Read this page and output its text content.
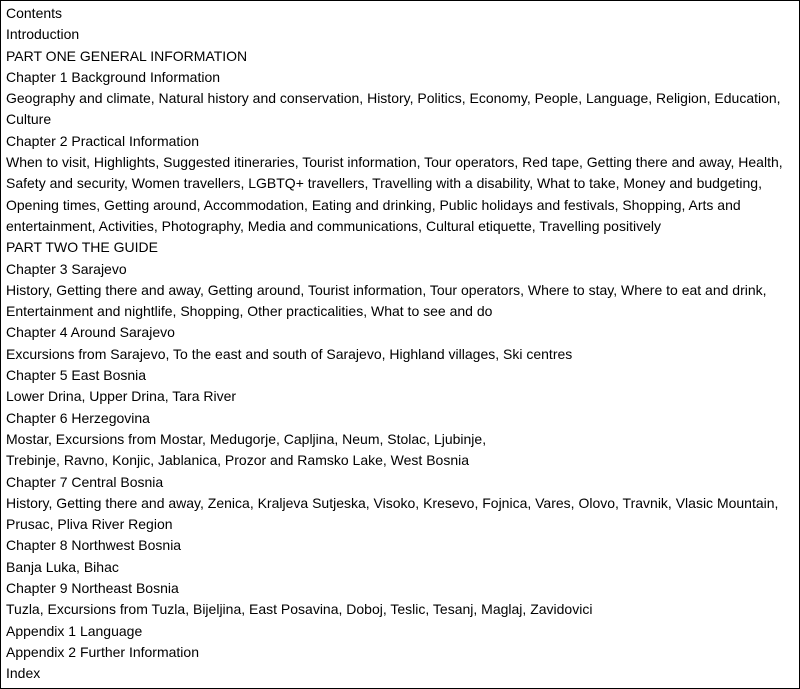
Contents
Introduction
PART ONE GENERAL INFORMATION
Chapter 1 Background Information
Geography and climate, Natural history and conservation, History, Politics, Economy, People, Language, Religion, Education,
Culture
Chapter 2 Practical Information
When to visit, Highlights, Suggested itineraries, Tourist information, Tour operators, Red tape, Getting there and away, Health,
Safety and security, Women travellers, LGBTQ+ travellers, Travelling with a disability, What to take, Money and budgeting,
Opening times, Getting around, Accommodation, Eating and drinking, Public holidays and festivals, Shopping, Arts and
entertainment, Activities, Photography, Media and communications, Cultural etiquette, Travelling positively
PART TWO THE GUIDE
Chapter 3 Sarajevo
History, Getting there and away, Getting around, Tourist information, Tour operators, Where to stay, Where to eat and drink,
Entertainment and nightlife, Shopping, Other practicalities, What to see and do
Chapter 4 Around Sarajevo
Excursions from Sarajevo, To the east and south of Sarajevo, Highland villages, Ski centres
Chapter 5 East Bosnia
Lower Drina, Upper Drina, Tara River
Chapter 6 Herzegovina
Mostar, Excursions from Mostar, Medugorje, Capljina, Neum, Stolac, Ljubinje,
Trebinje, Ravno, Konjic, Jablanica, Prozor and Ramsko Lake, West Bosnia
Chapter 7 Central Bosnia
History, Getting there and away, Zenica, Kraljeva Sutjeska, Visoko, Kresevo, Fojnica, Vares, Olovo, Travnik, Vlasic Mountain,
Prusac, Pliva River Region
Chapter 8 Northwest Bosnia
Banja Luka, Bihac
Chapter 9 Northeast Bosnia
Tuzla, Excursions from Tuzla, Bijeljina, East Posavina, Doboj, Teslic, Tesanj, Maglaj, Zavidovici
Appendix 1 Language
Appendix 2 Further Information
Index
